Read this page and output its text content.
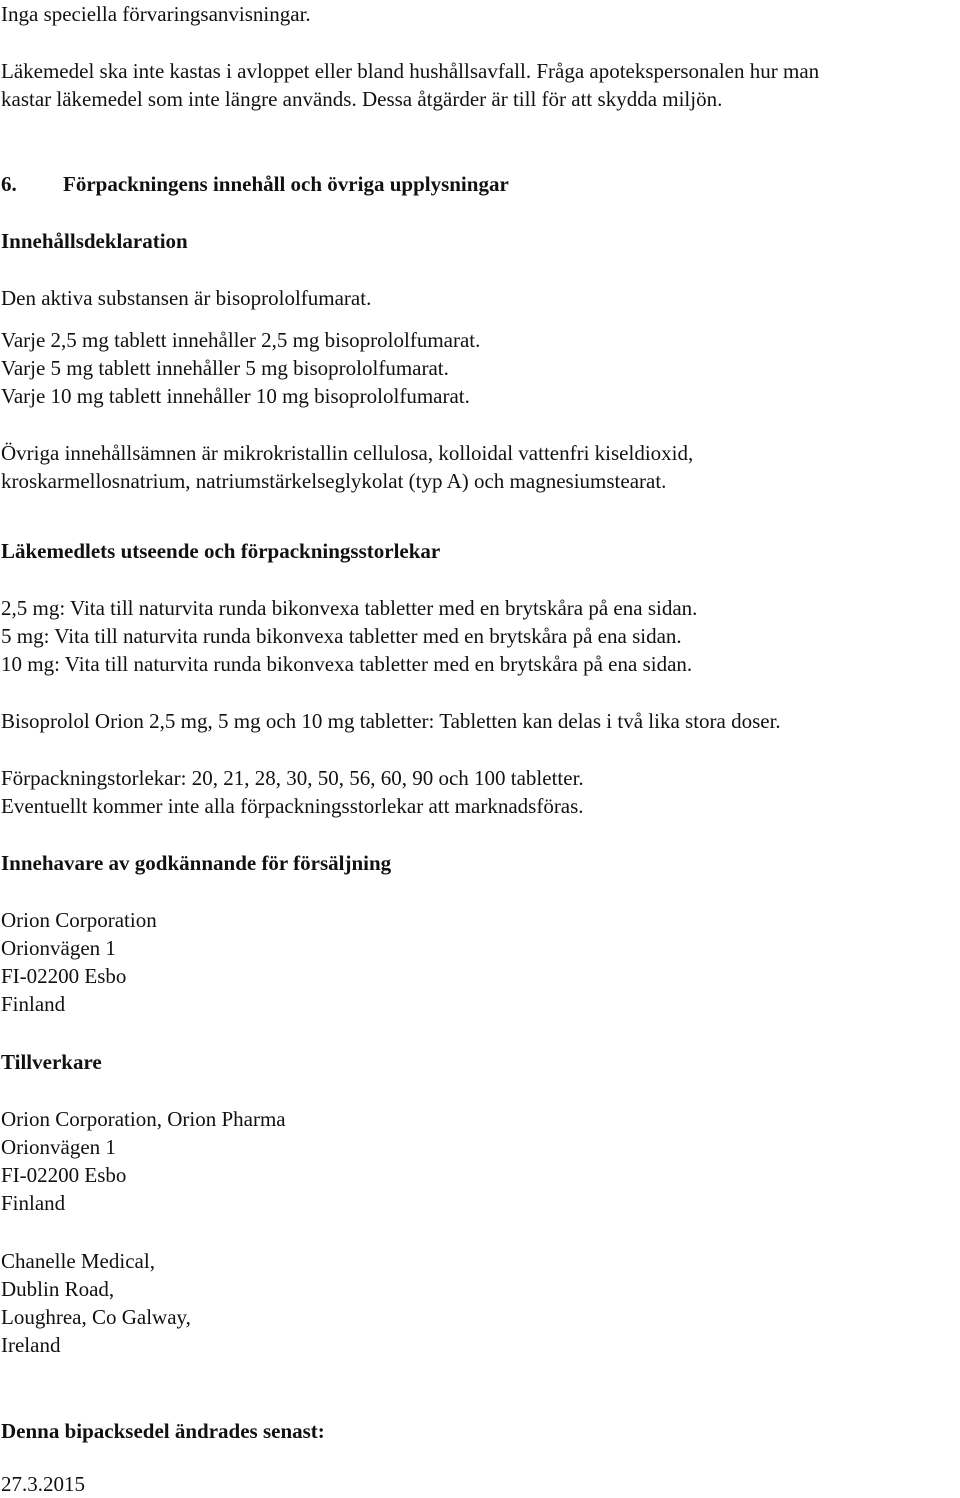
Inga speciella förvaringsanvisningar.
Läkemedel ska inte kastas i avloppet eller bland hushållsavfall. Fråga apotekspersonalen hur man
kastar läkemedel som inte längre används. Dessa åtgärder är till för att skydda miljön.
6. Förpackningens innehåll och övriga upplysningar
Innehållsdeklaration
Den aktiva substansen är bisoprololfumarat.
Varje 2,5 mg tablett innehåller 2,5 mg bisoprololfumarat.
Varje 5 mg tablett innehåller 5 mg bisoprololfumarat.
Varje 10 mg tablett innehåller 10 mg bisoprololfumarat.
Övriga innehållsämnen är mikrokristallin cellulosa, kolloidal vattenfri kiseldioxid,
kroskarmellosnatrium, natriumstärkelseglykolat (typ A) och magnesiumstearat.
Läkemedlets utseende och förpackningsstorlekar
2,5 mg: Vita till naturvita runda bikonvexa tabletter med en brytskåra på ena sidan.
5 mg: Vita till naturvita runda bikonvexa tabletter med en brytskåra på ena sidan.
10 mg: Vita till naturvita runda bikonvexa tabletter med en brytskåra på ena sidan.
Bisoprolol Orion 2,5 mg, 5 mg och 10 mg tabletter: Tabletten kan delas i två lika stora doser.
Förpackningstorlekar: 20, 21, 28, 30, 50, 56, 60, 90 och 100 tabletter.
Eventuellt kommer inte alla förpackningsstorlekar att marknadsföras.
Innehavare av godkännande för försäljning
Orion Corporation
Orionvägen 1
FI-02200 Esbo
Finland
Tillverkare
Orion Corporation, Orion Pharma
Orionvägen 1
FI-02200 Esbo
Finland
Chanelle Medical,
Dublin Road,
Loughrea, Co Galway,
Ireland
Denna bipacksedel ändrades senast:
27.3.2015
